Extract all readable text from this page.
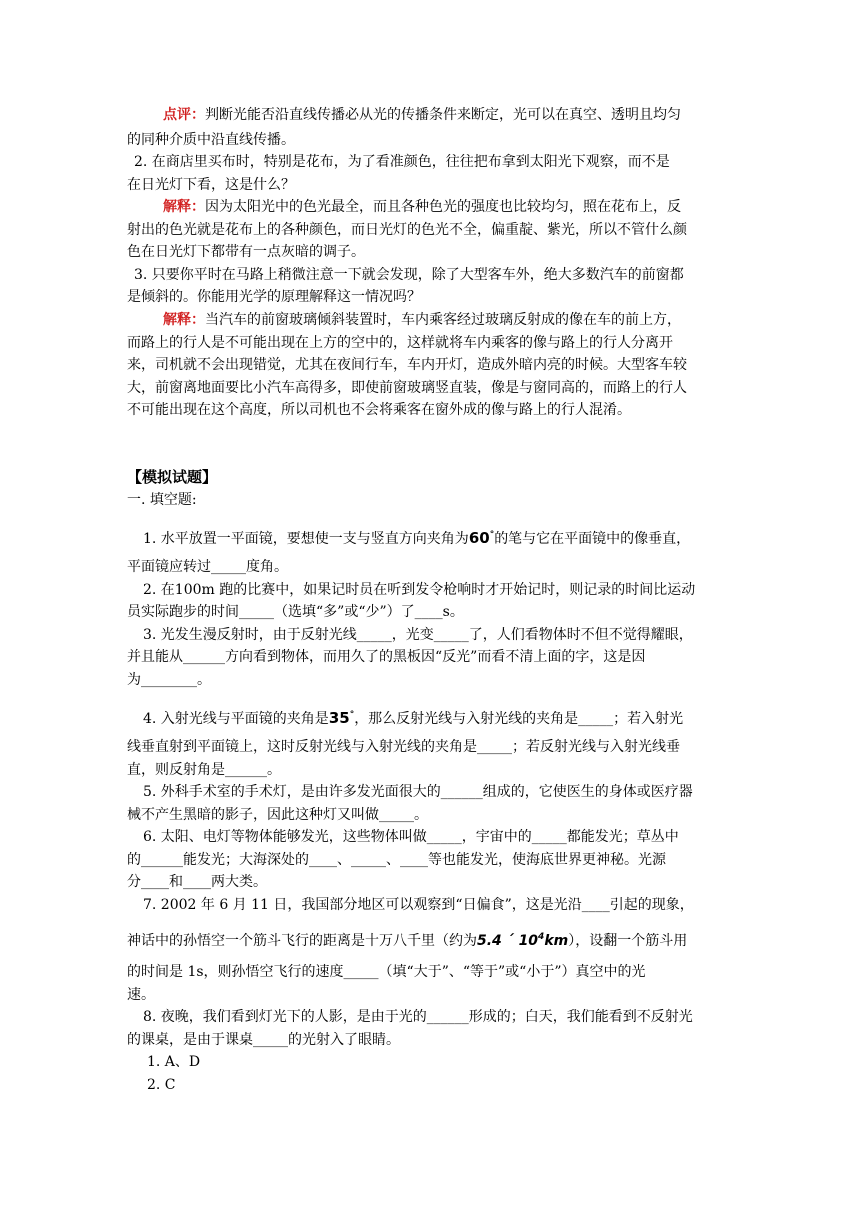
点评：判断光能否沿直线传播必从光的传播条件来断定，光可以在真空、透明且均匀
的同种介质中沿直线传播。
2. 在商店里买布时，特别是花布，为了看准颜色，往往把布拿到太阳光下观察，而不是
在日光灯下看，这是什么？
解释：因为太阳光中的色光最全，而且各种色光的强度也比较均匀，照在花布上，反
射出的色光就是花布上的各种颜色，而日光灯的色光不全，偏重靛、紫光，所以不管什么颜
色在日光灯下都带有一点灰暗的调子。
3. 只要你平时在马路上稍微注意一下就会发现，除了大型客车外，绝大多数汽车的前窗都
是倾斜的。你能用光学的原理解释这一情况吗？
解释：当汽车的前窗玻璃倾斜装置时，车内乘客经过玻璃反射成的像在车的前上方，
而路上的行人是不可能出现在上方的空中的，这样就将车内乘客的像与路上的行人分离开
来，司机就不会出现错觉，尤其在夜间行车，车内开灯，造成外暗内亮的时候。大型客车较
大，前窗离地面要比小汽车高得多，即使前窗玻璃竖直装，像是与窗同高的，而路上的行人
不可能出现在这个高度，所以司机也不会将乘客在窗外成的像与路上的行人混淆。
【模拟试题】
一. 填空题:
1. 水平放置一平面镜，要想使一支与竖直方向夹角为60°的笔与它在平面镜中的像垂直，
平面镜应转过_____度角。
2. 在100m 跑的比赛中，如果记时员在听到发令枪响时才开始记时，则记录的时间比运动
员实际跑步的时间_____（选填“多”或“少”）了____s。
3. 光发生漫反射时，由于反射光线_____，光变_____了，人们看物体时不但不觉得耀眼，
并且能从______方向看到物体，而用久了的黑板因“反光”而看不清上面的字，这是因
为________。
4. 入射光线与平面镜的夹角是35°，那么反射光线与入射光线的夹角是_____；若入射光
线垂直射到平面镜上，这时反射光线与入射光线的夹角是_____；若反射光线与入射光线垂
直，则反射角是______。
5. 外科手术室的手术灯，是由许多发光面很大的______组成的，它使医生的身体或医疗器
械不产生黑暗的影子，因此这种灯又叫做_____。
6. 太阳、电灯等物体能够发光，这些物体叫做_____，宇宙中的_____都能发光；草丛中
的______能发光；大海深处的____、_____、____等也能发光，使海底世界更神秘。光源
分____和____两大类。
7. 2002 年 6 月 11 日，我国部分地区可以观察到“日偏食”，这是光沿____引起的现象，
神话中的孙悟空一个筋斗飞行的距离是十万八千里（约为5.4 ´ $10^4km$），设翻一个筋斗用
的时间是 1s，则孙悟空飞行的速度_____（填“大于”、“等于”或“小于”）真空中的光
速。
8. 夜晚，我们看到灯光下的人影，是由于光的______形成的；白天，我们能看到不反射光
的课桌，是由于课桌_____的光射入了眼睛。
1. A、D
2. C
